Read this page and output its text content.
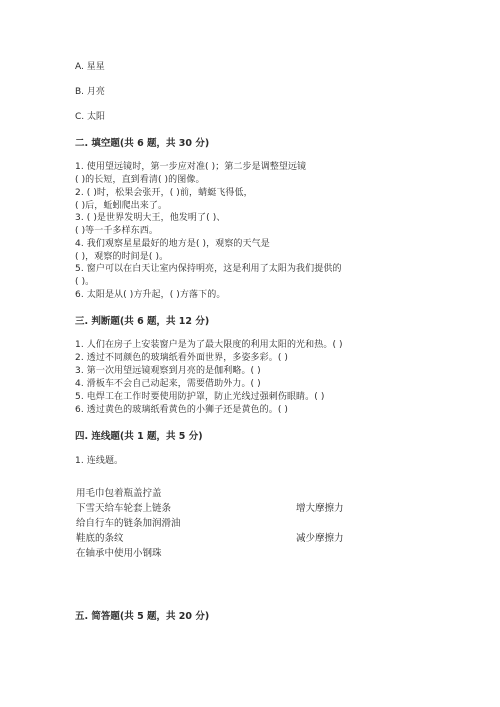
A. 星星
B. 月亮
C. 太阳
二. 填空题(共 6 题，共 30 分)
1. 使用望远镜时，第一步应对准( )；第二步是调整望远镜
( )的长短，直到看清( )的图像。
2. ( )时，松果会张开，( )前，蜻蜓飞得低，
( )后，蚯蚓爬出来了。
3. ( )是世界发明大王，他发明了( )、
( )等一千多样东西。
4. 我们观察星星最好的地方是( )，观察的天气是
( )，观察的时间是( )。
5. 窗户可以在白天让室内保持明亮，这是利用了太阳为我们提供的
( )。
6. 太阳是从( )方升起，( )方落下的。
三. 判断题(共 6 题，共 12 分)
1. 人们在房子上安装窗户是为了最大限度的利用太阳的光和热。( )
2. 透过不同颜色的玻璃纸看外面世界，多姿多彩。( )
3. 第一次用望远镜观察到月亮的是伽利略。( )
4. 滑板车不会自己动起来，需要借助外力。( )
5. 电焊工在工作时要使用防护罩，防止光线过强刺伤眼睛。( )
6. 透过黄色的玻璃纸看黄色的小狮子还是黄色的。( )
四. 连线题(共 1 题，共 5 分)
1. 连线题。
用毛巾包着瓶盖拧盖
下雪天给车轮套上链条
给自行车的链条加润滑油
鞋底的条纹
在轴承中使用小钢珠
增大摩擦力
减少摩擦力
五. 简答题(共 5 题，共 20 分)
